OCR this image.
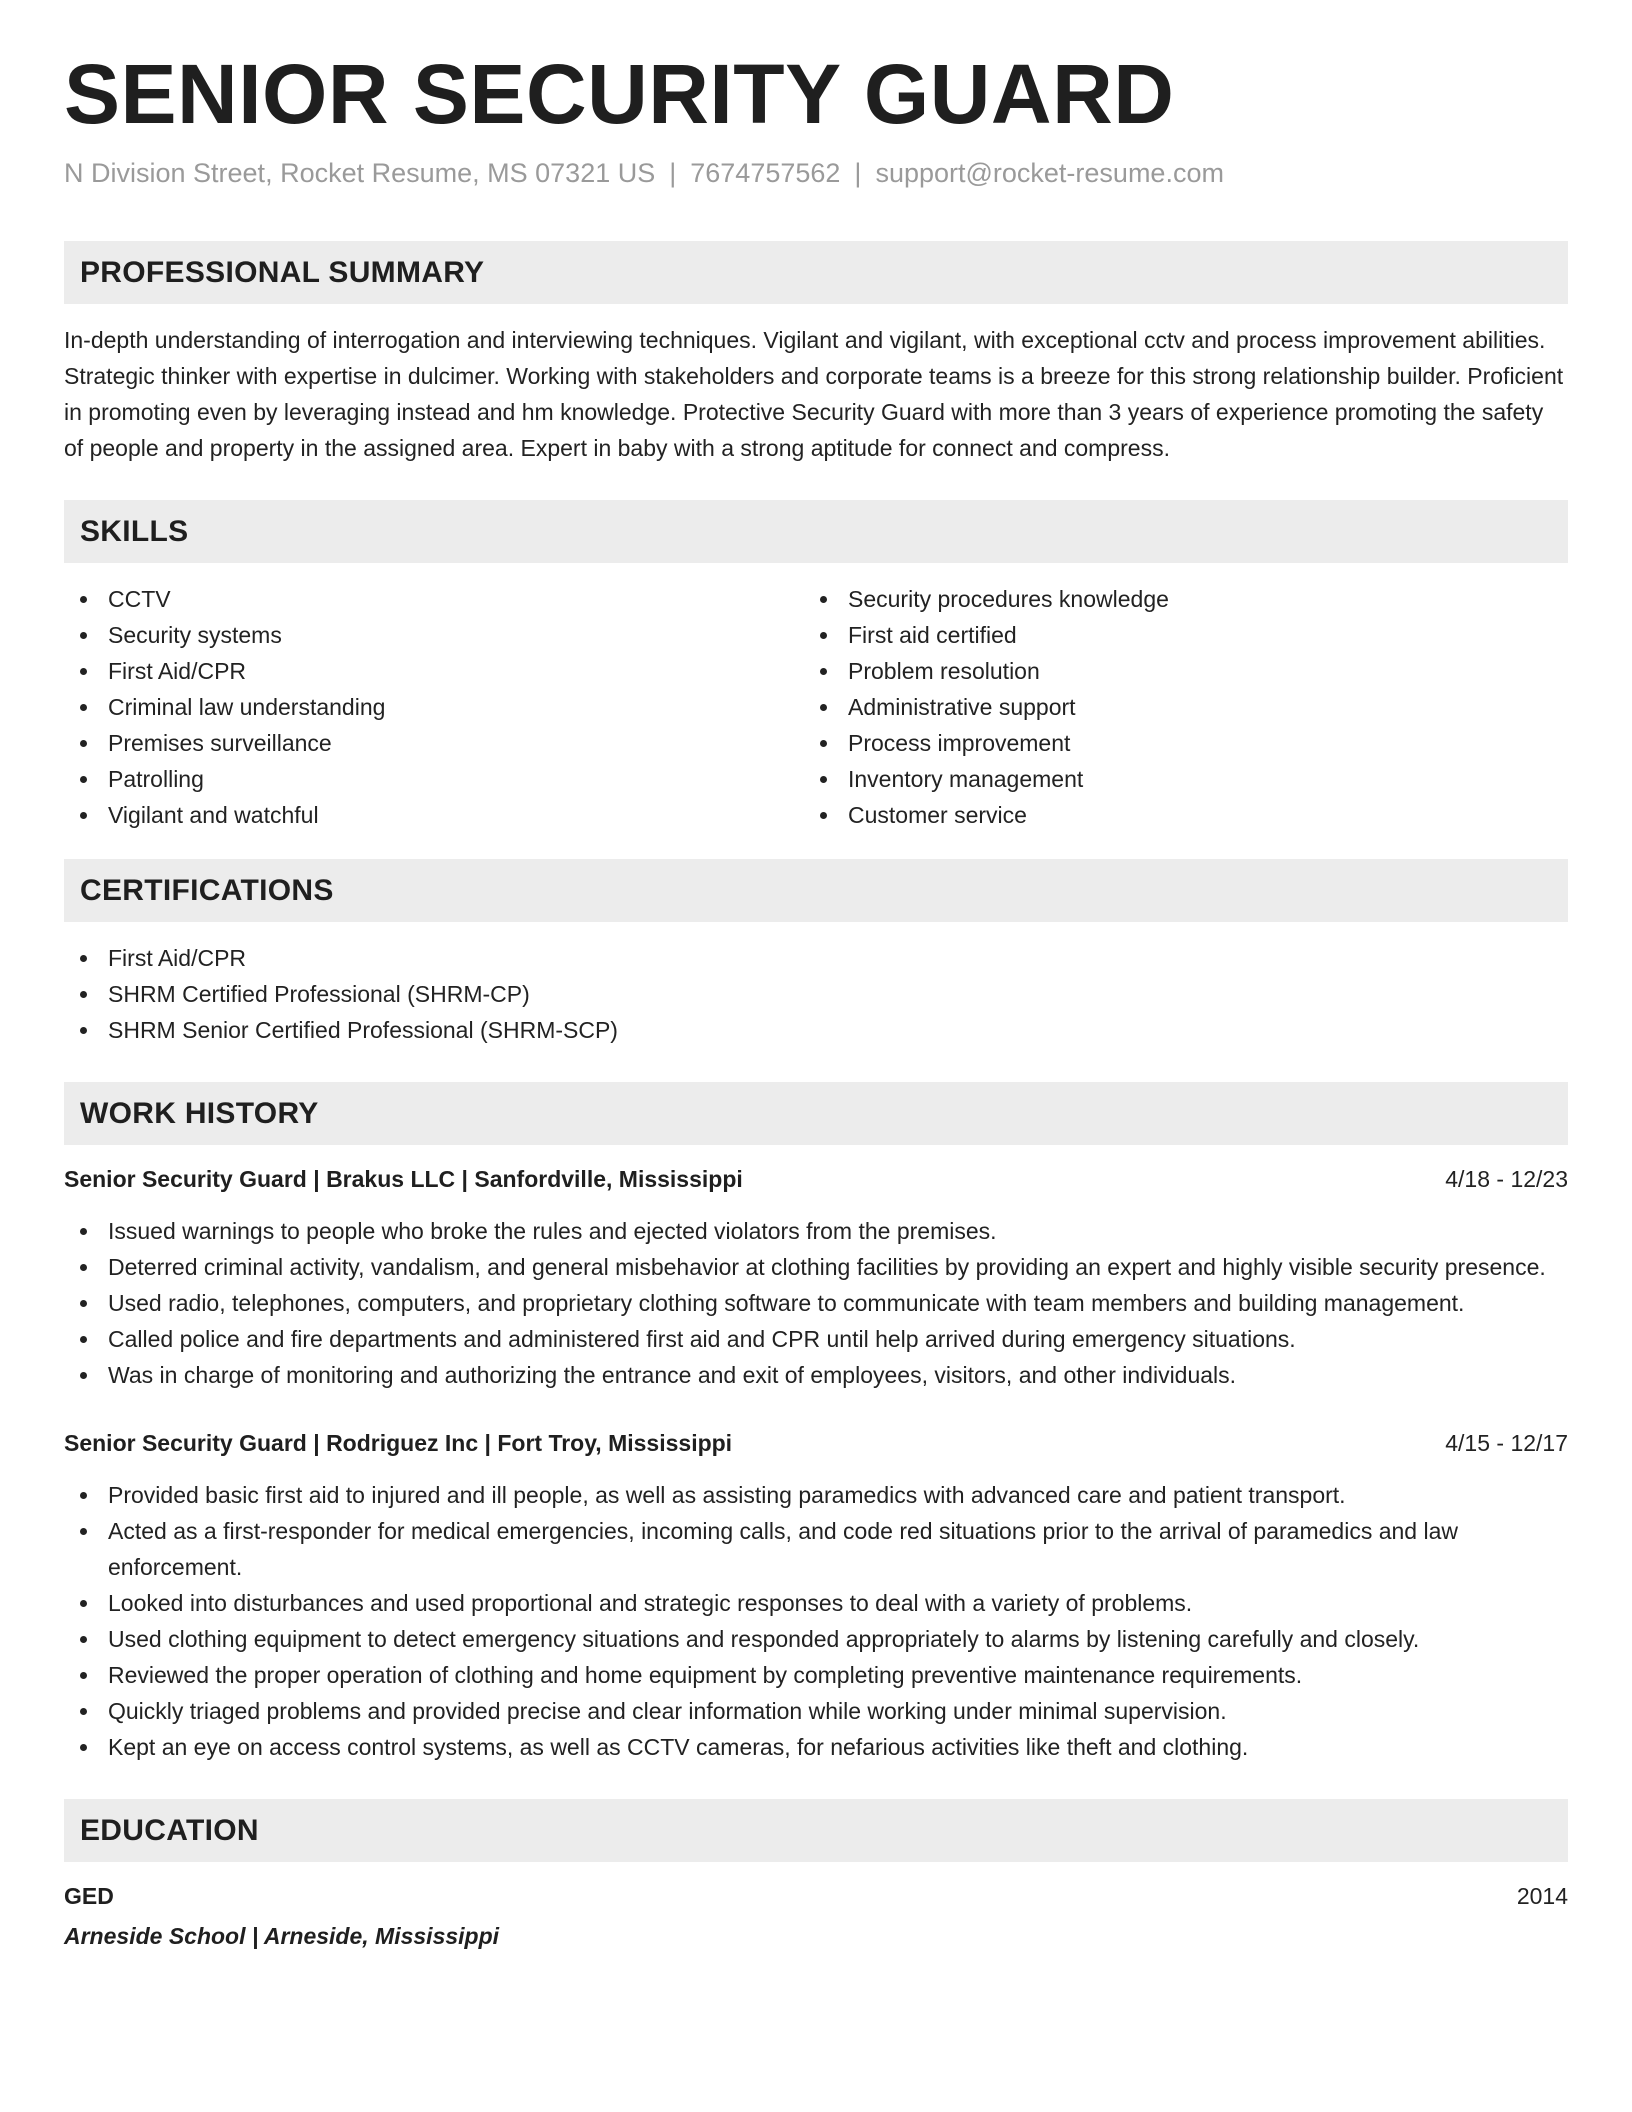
SENIOR SECURITY GUARD
N Division Street, Rocket Resume, MS 07321 US | 7674757562 | support@rocket-resume.com
PROFESSIONAL SUMMARY

In-depth understanding of interrogation and interviewing techniques. Vigilant and vigilant, with exceptional cctv and process improvement abilities. Strategic thinker with expertise in dulcimer. Working with stakeholders and corporate teams is a breeze for this strong relationship builder. Proficient in promoting even by leveraging instead and hm knowledge. Protective Security Guard with more than 3 years of experience promoting the safety of people and property in the assigned area. Expert in baby with a strong aptitude for connect and compress.

SKILLS
CCTV
Security systems
First Aid/CPR
Criminal law understanding
Premises surveillance
Patrolling
Vigilant and watchful
Security procedures knowledge
First aid certified
Problem resolution
Administrative support
Process improvement
Inventory management
Customer service
CERTIFICATIONS
First Aid/CPR
SHRM Certified Professional (SHRM-CP)
SHRM Senior Certified Professional (SHRM-SCP)
WORK HISTORY
Senior Security Guard | Brakus LLC | Sanfordville, Mississippi	4/18 - 12/23
Issued warnings to people who broke the rules and ejected violators from the premises.
Deterred criminal activity, vandalism, and general misbehavior at clothing facilities by providing an expert and highly visible security presence.
Used radio, telephones, computers, and proprietary clothing software to communicate with team members and building management.
Called police and fire departments and administered first aid and CPR until help arrived during emergency situations.
Was in charge of monitoring and authorizing the entrance and exit of employees, visitors, and other individuals.
Senior Security Guard | Rodriguez Inc | Fort Troy, Mississippi	4/15 - 12/17
Provided basic first aid to injured and ill people, as well as assisting paramedics with advanced care and patient transport.
Acted as a first-responder for medical emergencies, incoming calls, and code red situations prior to the arrival of paramedics and law enforcement.
Looked into disturbances and used proportional and strategic responses to deal with a variety of problems.
Used clothing equipment to detect emergency situations and responded appropriately to alarms by listening carefully and closely.
Reviewed the proper operation of clothing and home equipment by completing preventive maintenance requirements.
Quickly triaged problems and provided precise and clear information while working under minimal supervision.
Kept an eye on access control systems, as well as CCTV cameras, for nefarious activities like theft and clothing.
EDUCATION
GED	2014
Arneside School | Arneside, Mississippi
